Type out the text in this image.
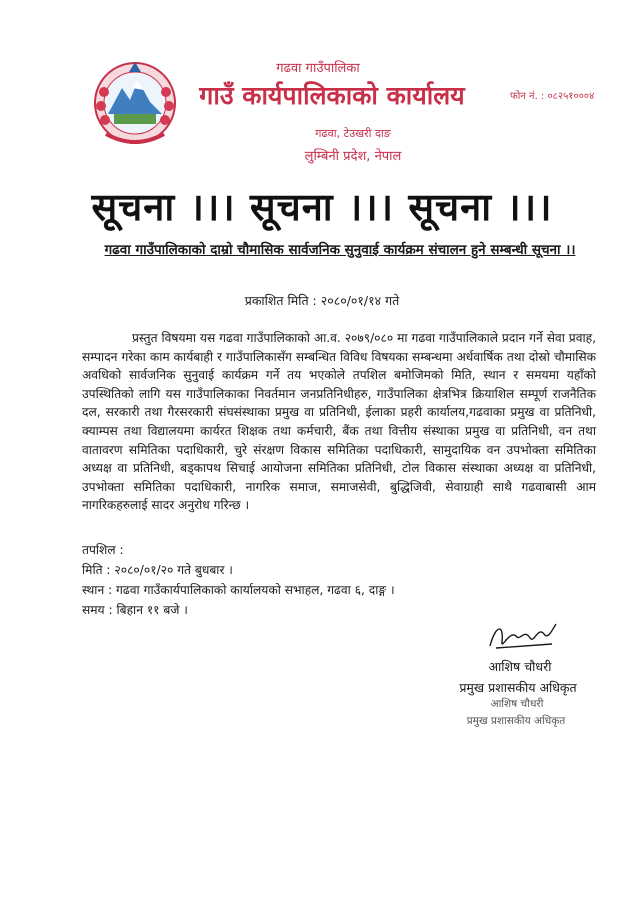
गढवा गाउँपालिका
गाउँ कार्यपालिकाको कार्यालय
गढवा, टेउखरी दाङ
लुम्बिनी प्रदेश, नेपाल
फोन नं. : ०८२५१०००४
सूचना ।।। सूचना ।।। सूचना ।।।
गढवा गाउँपालिकाको दाम्रो चौमासिक सार्वजनिक सुनुवाई कार्यक्रम संचालन हुने सम्बन्धी सूचना ।।
प्रकाशित मिति : २०८०/०१/१४ गते
प्रस्तुत विषयमा यस गढवा गाउँपालिकाको आ.व. २०७९/०८० मा गढवा गाउँपालिकाले प्रदान गर्ने सेवा प्रवाह, सम्पादन गरेका काम कार्यबाही र गाउँपालिकासँग सम्बन्धित विविध विषयका सम्बन्धमा अर्धवार्षिक तथा दोस्रो चौमासिक अवधिको सार्वजनिक सुनुवाई कार्यक्रम गर्ने तय भएकोले तपशिल बमोजिमको मिति, स्थान र समयमा यहाँको उपस्थितिको लागि यस गाउँपालिकाका निवर्तमान जनप्रतिनिधीहरु, गाउँपालिका क्षेत्रभित्र क्रियाशिल सम्पूर्ण राजनैतिक दल, सरकारी तथा गैरसरकारी संघसंस्थाका प्रमुख वा प्रतिनिधी, ईलाका प्रहरी कार्यालय,गढवाका प्रमुख वा प्रतिनिधी, क्याम्पस तथा विद्यालयमा कार्यरत शिक्षक तथा कर्मचारी, बैंक तथा वित्तीय संस्थाका प्रमुख वा प्रतिनिधी, वन तथा वातावरण समितिका पदाधिकारी, चुरे संरक्षण विकास समितिका पदाधिकारी, सामुदायिक वन उपभोक्ता समितिका अध्यक्ष वा प्रतिनिधी, बड्कापथ सिचाई आयोजना समितिका प्रतिनिधी, टोल विकास संस्थाका अध्यक्ष वा प्रतिनिधी, उपभोक्ता समितिका पदाधिकारी, नागरिक समाज, समाजसेवी, बुद्धिजिवी, सेवाग्राही साथै गढवाबासी आम नागरिकहरुलाई सादर अनुरोध गरिन्छ ।
तपशिल :
मिति : २०८०/०१/२० गते बुधबार ।
स्थान : गढवा गाउँकार्यपालिकाको कार्यालयको सभाहल, गढवा ६, दाङ्ग ।
समय : बिहान ११ बजे ।
आशिष चौधरी
प्रमुख प्रशासकीय अधिकृत
आशिष चौधरी
प्रमुख प्रशासकीय अधिकृत
